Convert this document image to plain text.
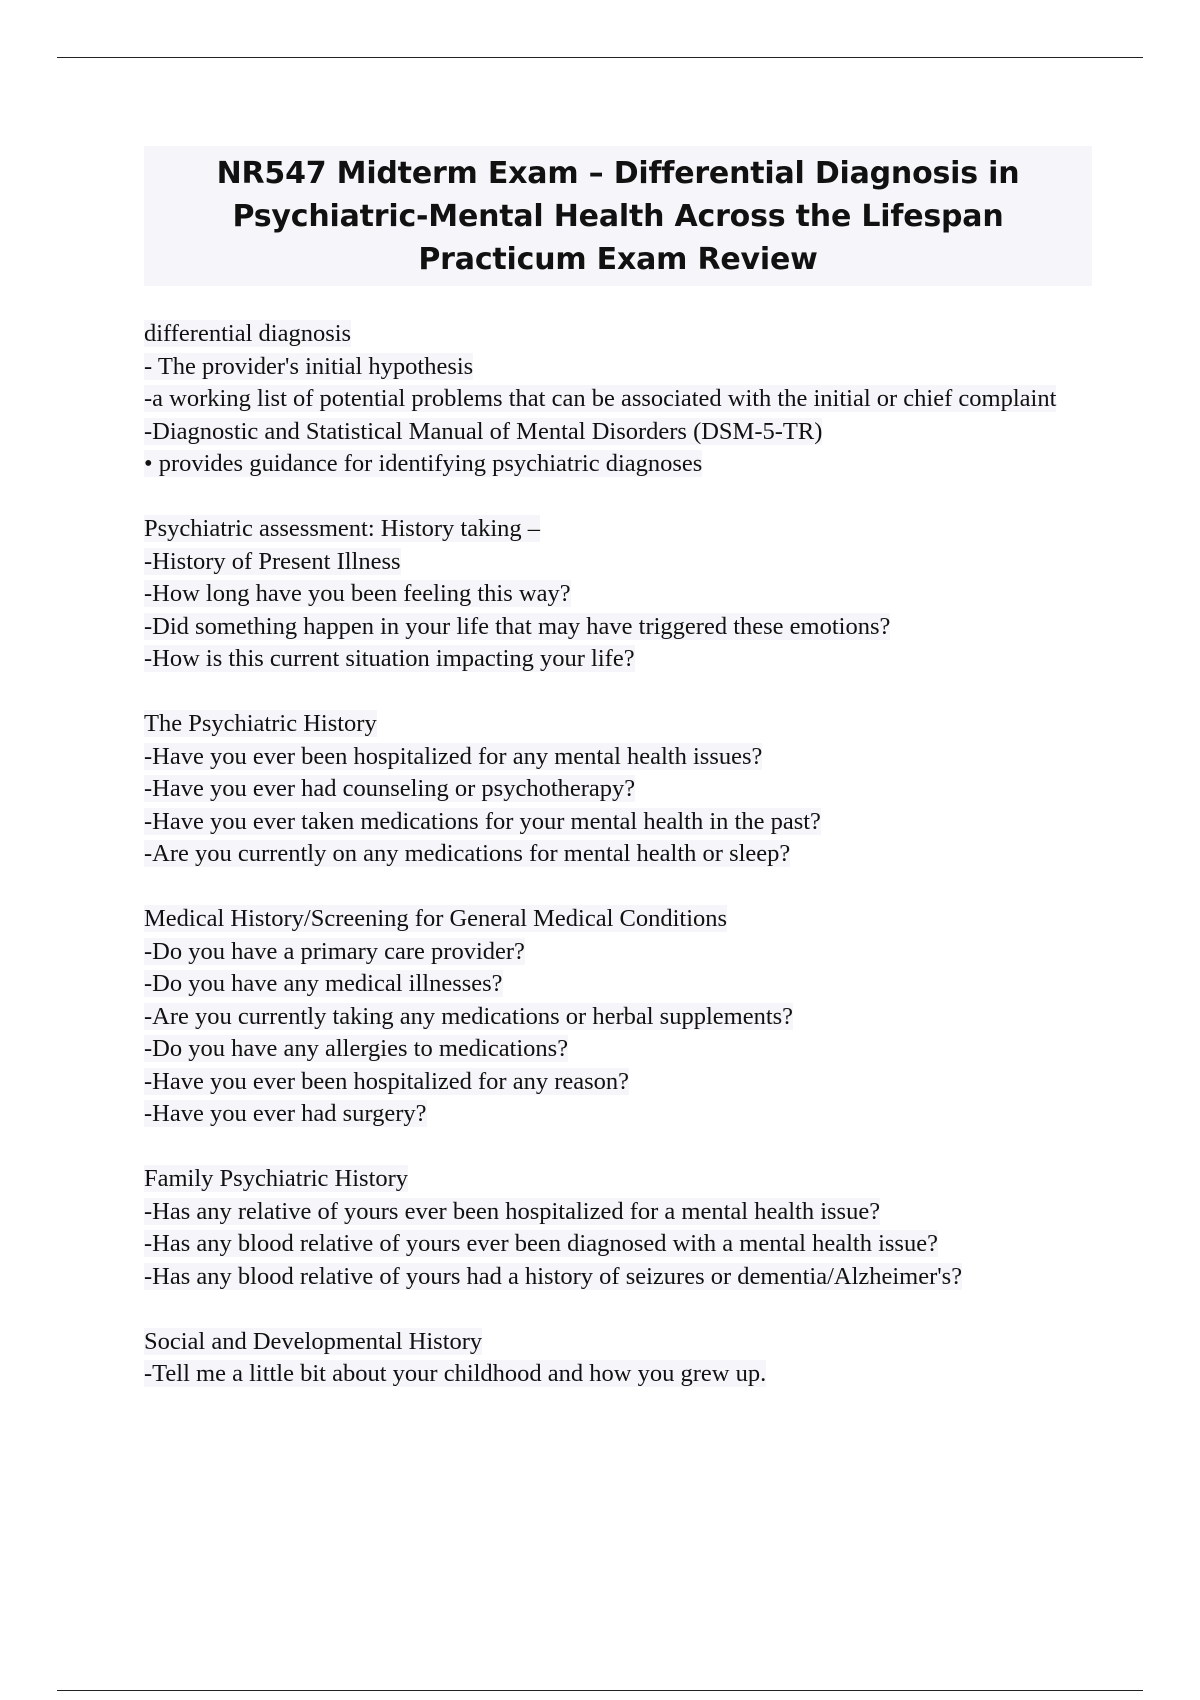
NR547 Midterm Exam – Differential Diagnosis in Psychiatric-Mental Health Across the Lifespan Practicum Exam Review
differential diagnosis
- The provider's initial hypothesis
-a working list of potential problems that can be associated with the initial or chief complaint
-Diagnostic and Statistical Manual of Mental Disorders (DSM-5-TR)
• provides guidance for identifying psychiatric diagnoses
Psychiatric assessment: History taking –
-History of Present Illness
-How long have you been feeling this way?
-Did something happen in your life that may have triggered these emotions?
-How is this current situation impacting your life?
The Psychiatric History
-Have you ever been hospitalized for any mental health issues?
-Have you ever had counseling or psychotherapy?
-Have you ever taken medications for your mental health in the past?
-Are you currently on any medications for mental health or sleep?
Medical History/Screening for General Medical Conditions
-Do you have a primary care provider?
-Do you have any medical illnesses?
-Are you currently taking any medications or herbal supplements?
-Do you have any allergies to medications?
-Have you ever been hospitalized for any reason?
-Have you ever had surgery?
Family Psychiatric History
-Has any relative of yours ever been hospitalized for a mental health issue?
-Has any blood relative of yours ever been diagnosed with a mental health issue?
-Has any blood relative of yours had a history of seizures or dementia/Alzheimer's?
Social and Developmental History
-Tell me a little bit about your childhood and how you grew up.
